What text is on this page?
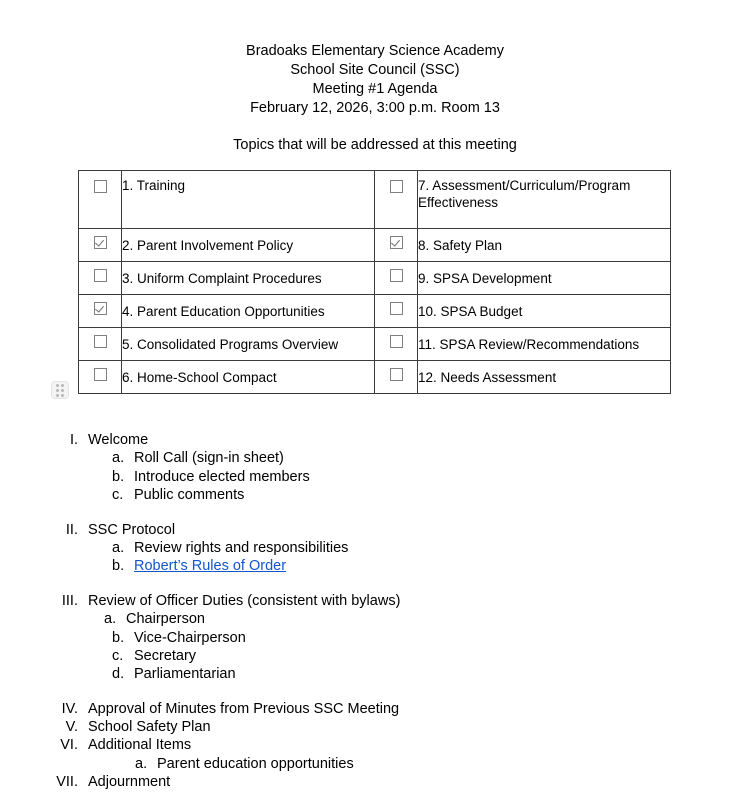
Bradoaks Elementary Science Academy
School Site Council (SSC)
Meeting #1 Agenda
February 12, 2026, 3:00 p.m. Room 13
Topics that will be addressed at this meeting
	1. Training		7. Assessment/Curriculum/Program Effectiveness
	2. Parent Involvement Policy		8. Safety Plan
	3. Uniform Complaint Procedures		9. SPSA Development
	4. Parent Education Opportunities		10. SPSA Budget
	5. Consolidated Programs Overview		11. SPSA Review/Recommendations
	6. Home-School Compact		12. Needs Assessment
I. Welcome
a. Roll Call (sign-in sheet)
b. Introduce elected members
c. Public comments
II. SSC Protocol
a. Review rights and responsibilities
b. Robert’s Rules of Order
III. Review of Officer Duties (consistent with bylaws)
a. Chairperson
b. Vice-Chairperson
c. Secretary
d. Parliamentarian
IV. Approval of Minutes from Previous SSC Meeting
V. School Safety Plan
VI. Additional Items
a. Parent education opportunities
VII. Adjournment
